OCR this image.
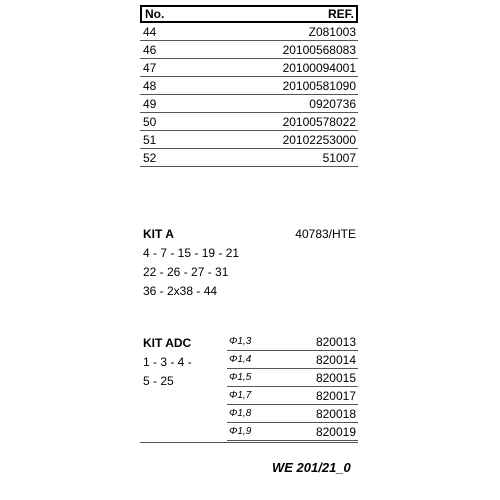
No.	REF.
44	Z081003
46	20100568083
47	20100094001
48	20100581090
49	0920736
50	20100578022
51	20102253000
52	51007
KIT A	40783/HTE
4 - 7 - 15 - 19 - 21
22 - 26 - 27 - 31
36 - 2x38 - 44
KIT ADC
1 - 3 - 4 -
5 - 25
Φ1,3	820013
Φ1,4	820014
Φ1,5	820015
Φ1,7	820017
Φ1,8	820018
Φ1,9	820019
WE 201/21_0
